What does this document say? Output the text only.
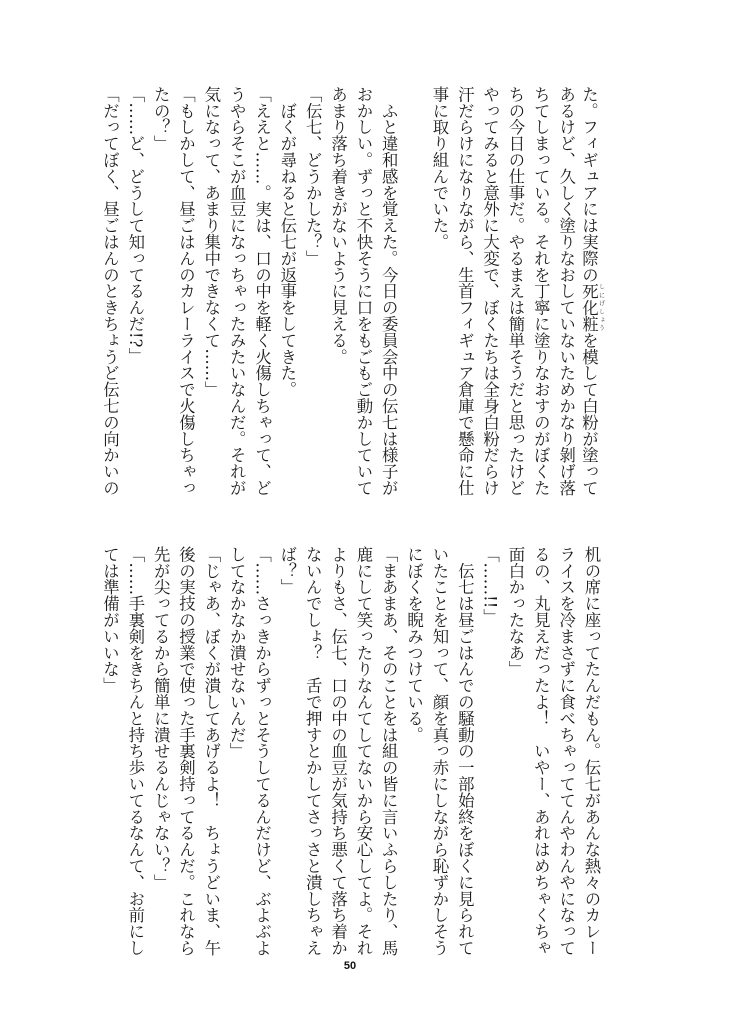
た。フィギュアには実際の死化粧 しにげしょうを模して白粉が塗って
あるけど、久しく塗りなおしていないためかなり剝げ落
ちてしまっている。それを丁寧に塗りなおすのがぼくた
ちの今日の仕事だ。やるまえは簡単そうだと思ったけど
やってみると意外に大変で、ぼくたちは全身白粉だらけ
汗だらけになりながら、生首フィギュア倉庫で懸命に仕
事に取り組んでいた。
　ふと違和感を覚えた。今日の委員会中の伝七は様子が
おかしい。ずっと不快そうに口をもごもご動かしていて
あまり落ち着きがないように見える。
「伝七、どうかした？」
　ぼくが尋ねると伝七が返事をしてきた。
「ええと……。実は、口の中を軽く火傷しちゃって、ど
うやらそこが血豆になっちゃったみたいなんだ。それが
気になって、あまり集中できなくて……」
「もしかして、昼ごはんのカレーライスで火傷しちゃっ
たの？」
「……ど、どうして知ってるんだ!?」
「だってぼく、昼ごはんのときちょうど伝七の向かいの
机の席に座ってたんだもん。伝七があんな熱々のカレー
ライスを冷まさずに食べちゃっててんやわんやになって
るの、丸見えだったよ！　いやー、あれはめちゃくちゃ
面白かったなあ」
「……!!」
　伝七は昼ごはんでの騒動の一部始終をぼくに見られて
いたことを知って、顔を真っ赤にしながら恥ずかしそう
にぼくを睨みつけている。
「まあまあ、そのことをは組の皆に言いふらしたり、馬
鹿にして笑ったりなんてしてないから安心してよ。それ
よりもさ、伝七、口の中の血豆が気持ち悪くて落ち着か
ないんでしょ？　舌で押すとかしてさっさと潰しちゃえ
ば？」
「……さっきからずっとそうしてるんだけど、ぶよぶよ
してなかなか潰せないんだ」
「じゃあ、ぼくが潰してあげるよ！　ちょうどいま、午
後の実技の授業で使った手裏剣持ってるんだ。これなら
先が尖ってるから簡単に潰せるんじゃない？」
「……手裏剣をきちんと持ち歩いてるなんて、お前にし
ては準備がいいな」
50
